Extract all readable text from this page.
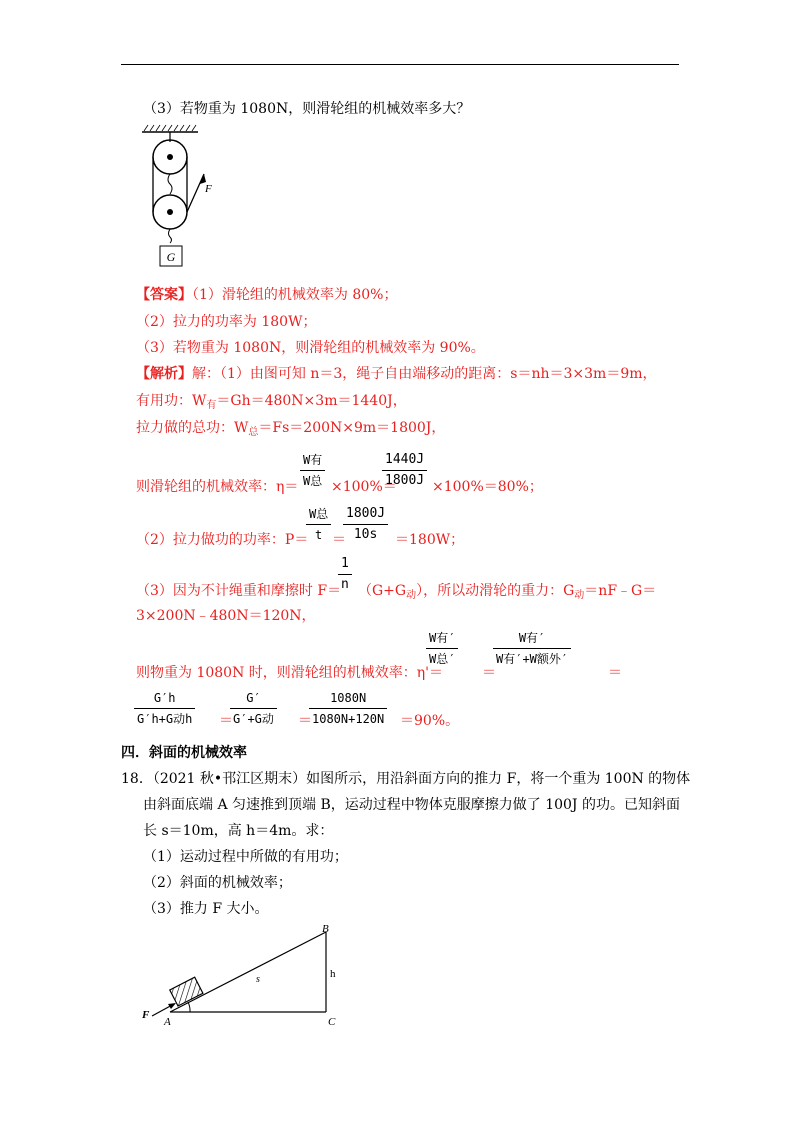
（3）若物重为 1080N，则滑轮组的机械效率多大？
G
F
【答案】（1）滑轮组的机械效率为 80%；
（2）拉力的功率为 180W；
（3）若物重为 1080N，则滑轮组的机械效率为 90%。
【解析】解：（1）由图可知 n＝3，绳子自由端移动的距离：s＝nh＝3×3m＝9m，
有用功：$W_有=Gh=480N\times 3m=1440J$，
拉力做的总功：$W_总=Fs=200N\times 9m=1800J$，
则滑轮组的机械效率：η＝
W有
W总 ×100%＝
1440J
1800J ×100%＝80%；
（2）拉力做功的功率：P＝
W总
t ＝
1800J
10s	＝180W；
（3）因为不计绳重和摩擦时 F＝
1
n $(G+G_动)$，所以动滑轮的重力：$G_动=nF﹣G=$
3×200N﹣480N＝120N，
则物重为 1080N 时，则滑轮组的机械效率：η'＝
W有′
W总′
＝
W有′
W有′+W额外′
＝
G′h
G′h+G动h ＝
G′
G′+G动 ＝
1080N
1080N+120N ＝90%。
四．斜面的机械效率
18．（2021 秋•邗江区期末）如图所示，用沿斜面方向的推力 F，将一个重为 100N 的物体
由斜面底端 A 匀速推到顶端 B，运动过程中物体克服摩擦力做了 100J 的功。已知斜面
长 s＝10m，高 h＝4m。求：
（1）运动过程中所做的有用功；
（2）斜面的机械效率；
（3）推力 F 大小。
B
C
A
s	h
F
